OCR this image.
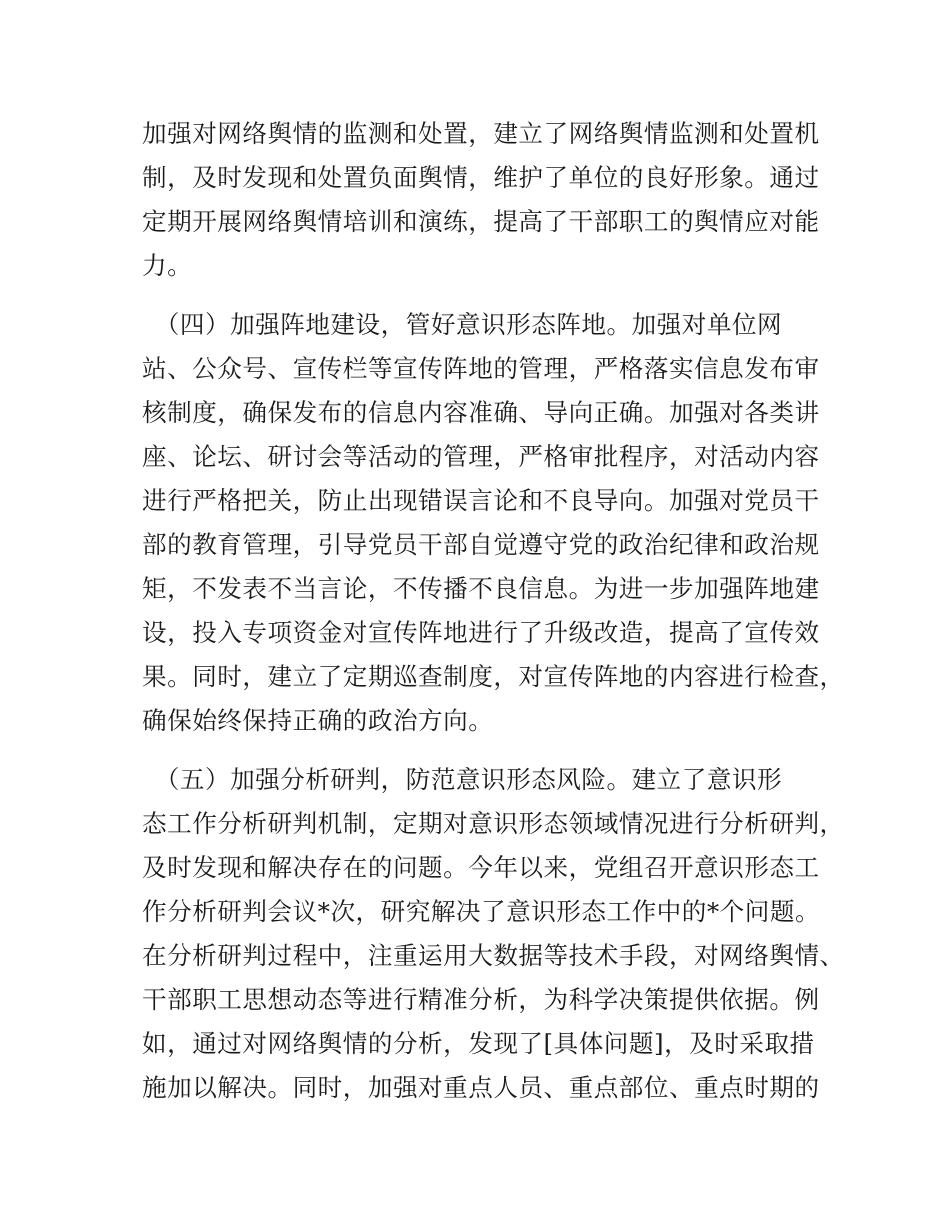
加强对网络舆情的监测和处置，建立了网络舆情监测和处置机
制，及时发现和处置负面舆情，维护了单位的良好形象。通过
定期开展网络舆情培训和演练，提高了干部职工的舆情应对能
力。
　（四）加强阵地建设，管好意识形态阵地。加强对单位网
站、公众号、宣传栏等宣传阵地的管理，严格落实信息发布审
核制度，确保发布的信息内容准确、导向正确。加强对各类讲
座、论坛、研讨会等活动的管理，严格审批程序，对活动内容
进行严格把关，防止出现错误言论和不良导向。加强对党员干
部的教育管理，引导党员干部自觉遵守党的政治纪律和政治规
矩，不发表不当言论，不传播不良信息。为进一步加强阵地建
设，投入专项资金对宣传阵地进行了升级改造，提高了宣传效
果。同时，建立了定期巡查制度，对宣传阵地的内容进行检查，
确保始终保持正确的政治方向。
　（五）加强分析研判，防范意识形态风险。建立了意识形
态工作分析研判机制，定期对意识形态领域情况进行分析研判，
及时发现和解决存在的问题。今年以来，党组召开意识形态工
作分析研判会议*次，研究解决了意识形态工作中的*个问题。
在分析研判过程中，注重运用大数据等技术手段，对网络舆情、
干部职工思想动态等进行精准分析，为科学决策提供依据。例
如，通过对网络舆情的分析，发现了[具体问题]，及时采取措
施加以解决。同时，加强对重点人员、重点部位、重点时期的
